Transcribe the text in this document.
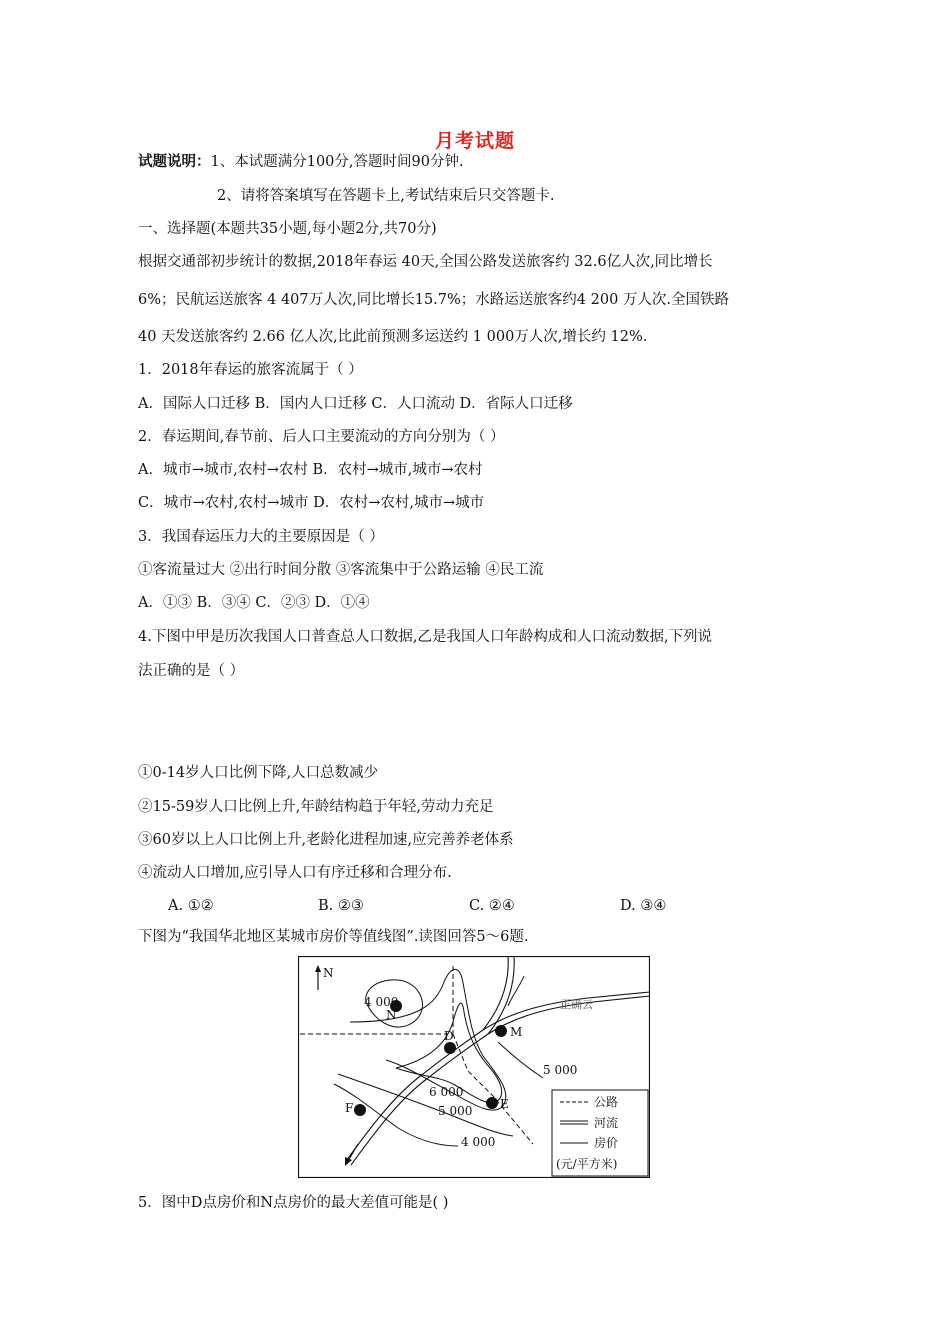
月考试题
试题说明：1、本试题满分100分,答题时间90分钟.
2、请将答案填写在答题卡上,考试结束后只交答题卡.
一、选择题(本题共35小题,每小题2分,共70分)
根据交通部初步统计的数据,2018年春运 40天,全国公路发送旅客约 32.6亿人次,同比增长
6%；民航运送旅客 4 407万人次,同比增长15.7%；水路运送旅客约4 200 万人次.全国铁路
40 天发送旅客约 2.66 亿人次,比此前预测多运送约 1 000万人次,增长约 12%.
1．2018年春运的旅客流属于（ ）
A．国际人口迁移 B．国内人口迁移 C．人口流动 D．省际人口迁移
2．春运期间,春节前、后人口主要流动的方向分别为（ ）
A．城市→城市,农村→农村 B．农村→城市,城市→农村
C．城市→农村,农村→城市 D．农村→农村,城市→城市
3．我国春运压力大的主要原因是（ ）
①客流量过大 ②出行时间分散 ③客流集中于公路运输 ④民工流
A．①③ B．③④ C．②③ D．①④
4.下图中甲是历次我国人口普查总人口数据,乙是我国人口年龄构成和人口流动数据,下列说
法正确的是（ ）
①0-14岁人口比例下降,人口总数减少
②15-59岁人口比例上升,年龄结构趋于年轻,劳动力充足
③60岁以上人口比例上升,老龄化进程加速,应完善养老体系
④流动人口增加,应引导人口有序迁移和合理分布.
A. ①②	B. ②③	C. ②④	D. ③④
下图为“我国华北地区某城市房价等值线图”.读图回答5～6题.
N
4 000
N
D	M
E
F
5 000
6 000
5 000
4 000
正确云
公路
河流
房价
(元/平方米)
5．图中D点房价和N点房价的最大差值可能是( )
